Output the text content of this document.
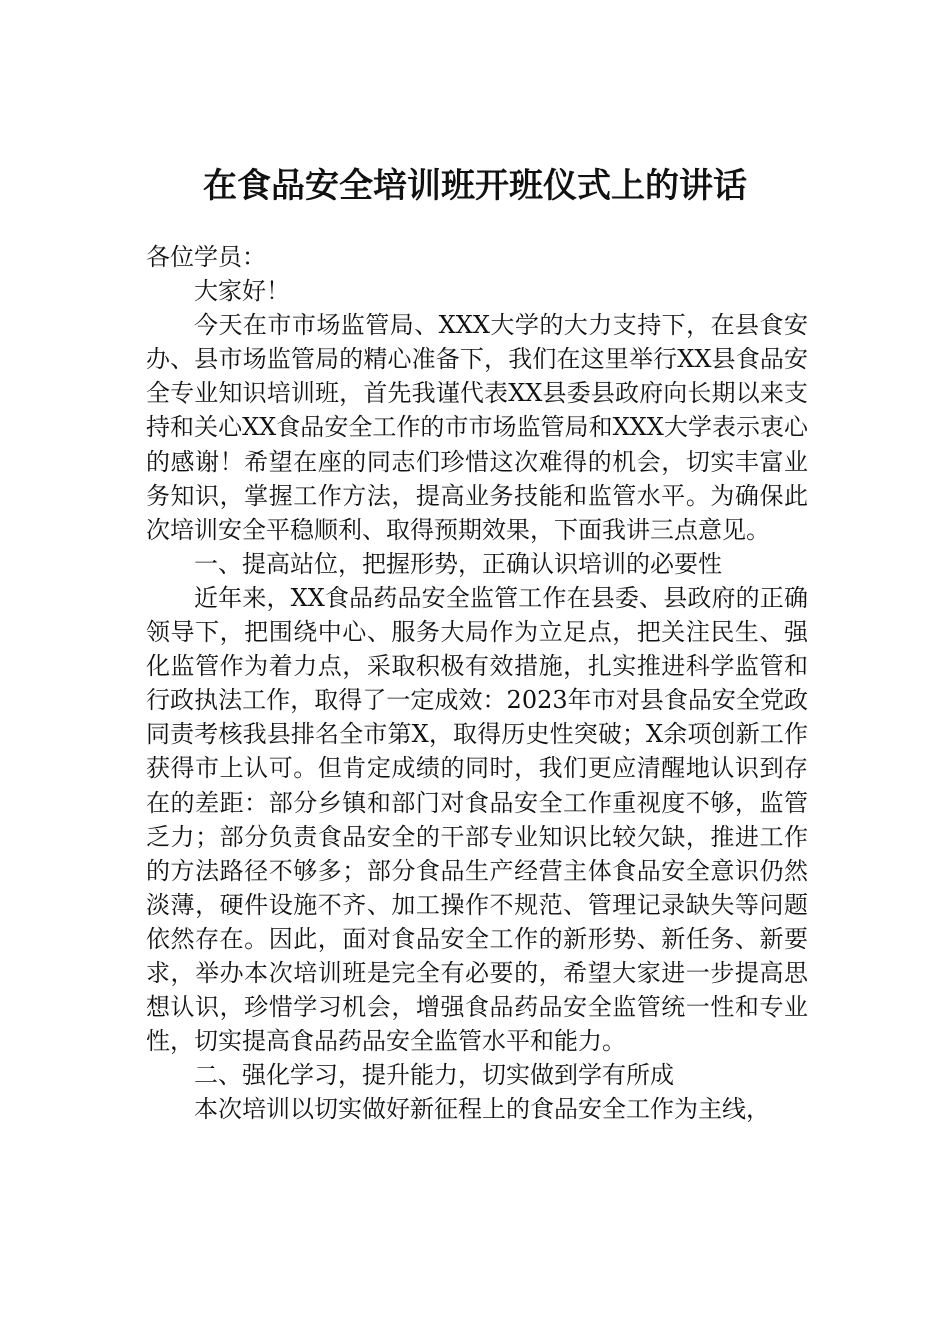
在食品安全培训班开班仪式上的讲话

各位学员：

大家好！

今天在市市场监管局、XXX大学的大力支持下，在县食安办、县市场监管局的精心准备下，我们在这里举行XX县食品安全专业知识培训班，首先我谨代表XX县委县政府向长期以来支持和关心XX食品安全工作的市市场监管局和XXX大学表示衷心的感谢！希望在座的同志们珍惜这次难得的机会，切实丰富业务知识，掌握工作方法，提高业务技能和监管水平。为确保此次培训安全平稳顺利、取得预期效果，下面我讲三点意见。

一、提高站位，把握形势，正确认识培训的必要性

近年来，XX食品药品安全监管工作在县委、县政府的正确领导下，把围绕中心、服务大局作为立足点，把关注民生、强化监管作为着力点，采取积极有效措施，扎实推进科学监管和行政执法工作，取得了一定成效：2023年市对县食品安全党政同责考核我县排名全市第X，取得历史性突破；X余项创新工作获得市上认可。但肯定成绩的同时，我们更应清醒地认识到存在的差距：部分乡镇和部门对食品安全工作重视度不够，监管乏力；部分负责食品安全的干部专业知识比较欠缺，推进工作的方法路径不够多；部分食品生产经营主体食品安全意识仍然淡薄，硬件设施不齐、加工操作不规范、管理记录缺失等问题依然存在。因此，面对食品安全工作的新形势、新任务、新要求，举办本次培训班是完全有必要的，希望大家进一步提高思想认识，珍惜学习机会，增强食品药品安全监管统一性和专业性，切实提高食品药品安全监管水平和能力。

二、强化学习，提升能力，切实做到学有所成

本次培训以切实做好新征程上的食品安全工作为主线，
